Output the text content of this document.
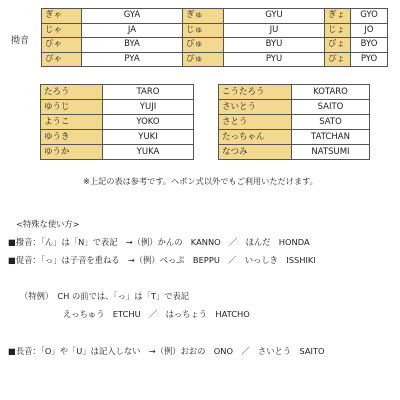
拗音
ぎゃ	GYA	ぎゅ	GYU	ぎょ	GYO
じゃ	JA	じゅ	JU	じょ	JO
びゃ	BYA	びゅ	BYU	びょ	BYO
ぴゃ	PYA	ぴゅ	PYU	ぴょ	PYO
たろう	TARO
ゆうじ	YUJI
ようこ	YOKO
ゆうき	YUKI
ゆうか	YUKA
こうたろう	KOTARO
さいとう	SAITO
さとう	SATO
たっちゃん	TATCHAN
なつみ	NATSUMI
※上記の表は参考です。ヘボン式以外でもご利用いただけます。
<特殊な使い方>
■撥音：「ん」は「N」で表記　→（例）かんの　KANNO　／　ほんだ　HONDA
■促音：「っ」は子音を重ねる　→（例）べっぷ　BEPPU　／　いっしき　ISSHIKI
（特例）　CH の前では、「っ」は「T」で表記
えっちゅう　ETCHU　／　はっちょう　HATCHO
■長音：「O」や「U」は記入しない　→（例）おおの　ONO　／　さいとう　SAITO
